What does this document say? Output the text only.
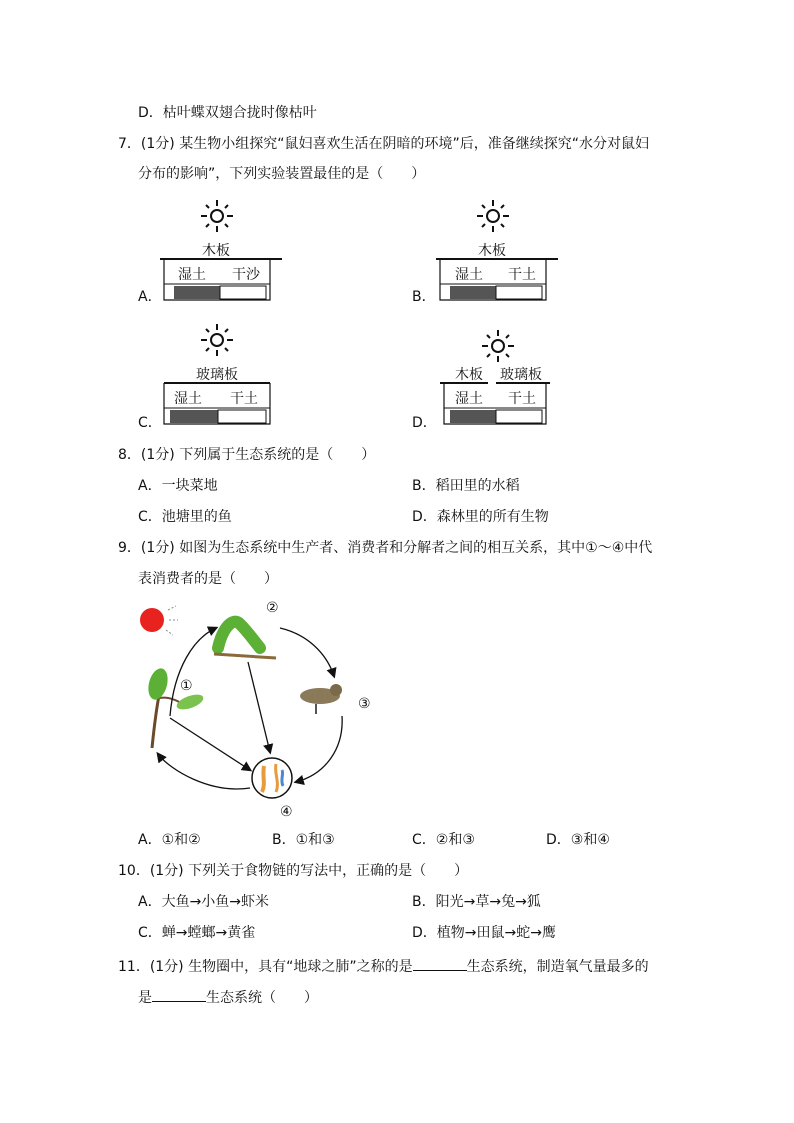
D．枯叶蝶双翅合拢时像枯叶
7．(1分) 某生物小组探究“鼠妇喜欢生活在阴暗的环境”后，准备继续探究“水分对鼠妇
分布的影响”，下列实验装置最佳的是（　　）
木板
湿土 干沙
A．
木板
湿土 干土
B．
玻璃板
湿土 干土
C．
木板 玻璃板
湿土 干土
D．
8．(1分) 下列属于生态系统的是（　　）
A．一块菜地	B．稻田里的水稻
C．池塘里的鱼	D．森林里的所有生物
9．(1分) 如图为生态系统中生产者、消费者和分解者之间的相互关系，其中①～④中代
表消费者的是（　　）
①
②
③
④
A．①和②	B．①和③	C．②和③	D．③和④
10．(1分) 下列关于食物链的写法中，正确的是（　　）
A．大鱼→小鱼→虾米	B．阳光→草→兔→狐
C．蝉→螳螂→黄雀	D．植物→田鼠→蛇→鹰
11．(1分) 生物圈中，具有“地球之肺”之称的是	生态系统，制造氧气量最多的
是	生态系统（　　）
